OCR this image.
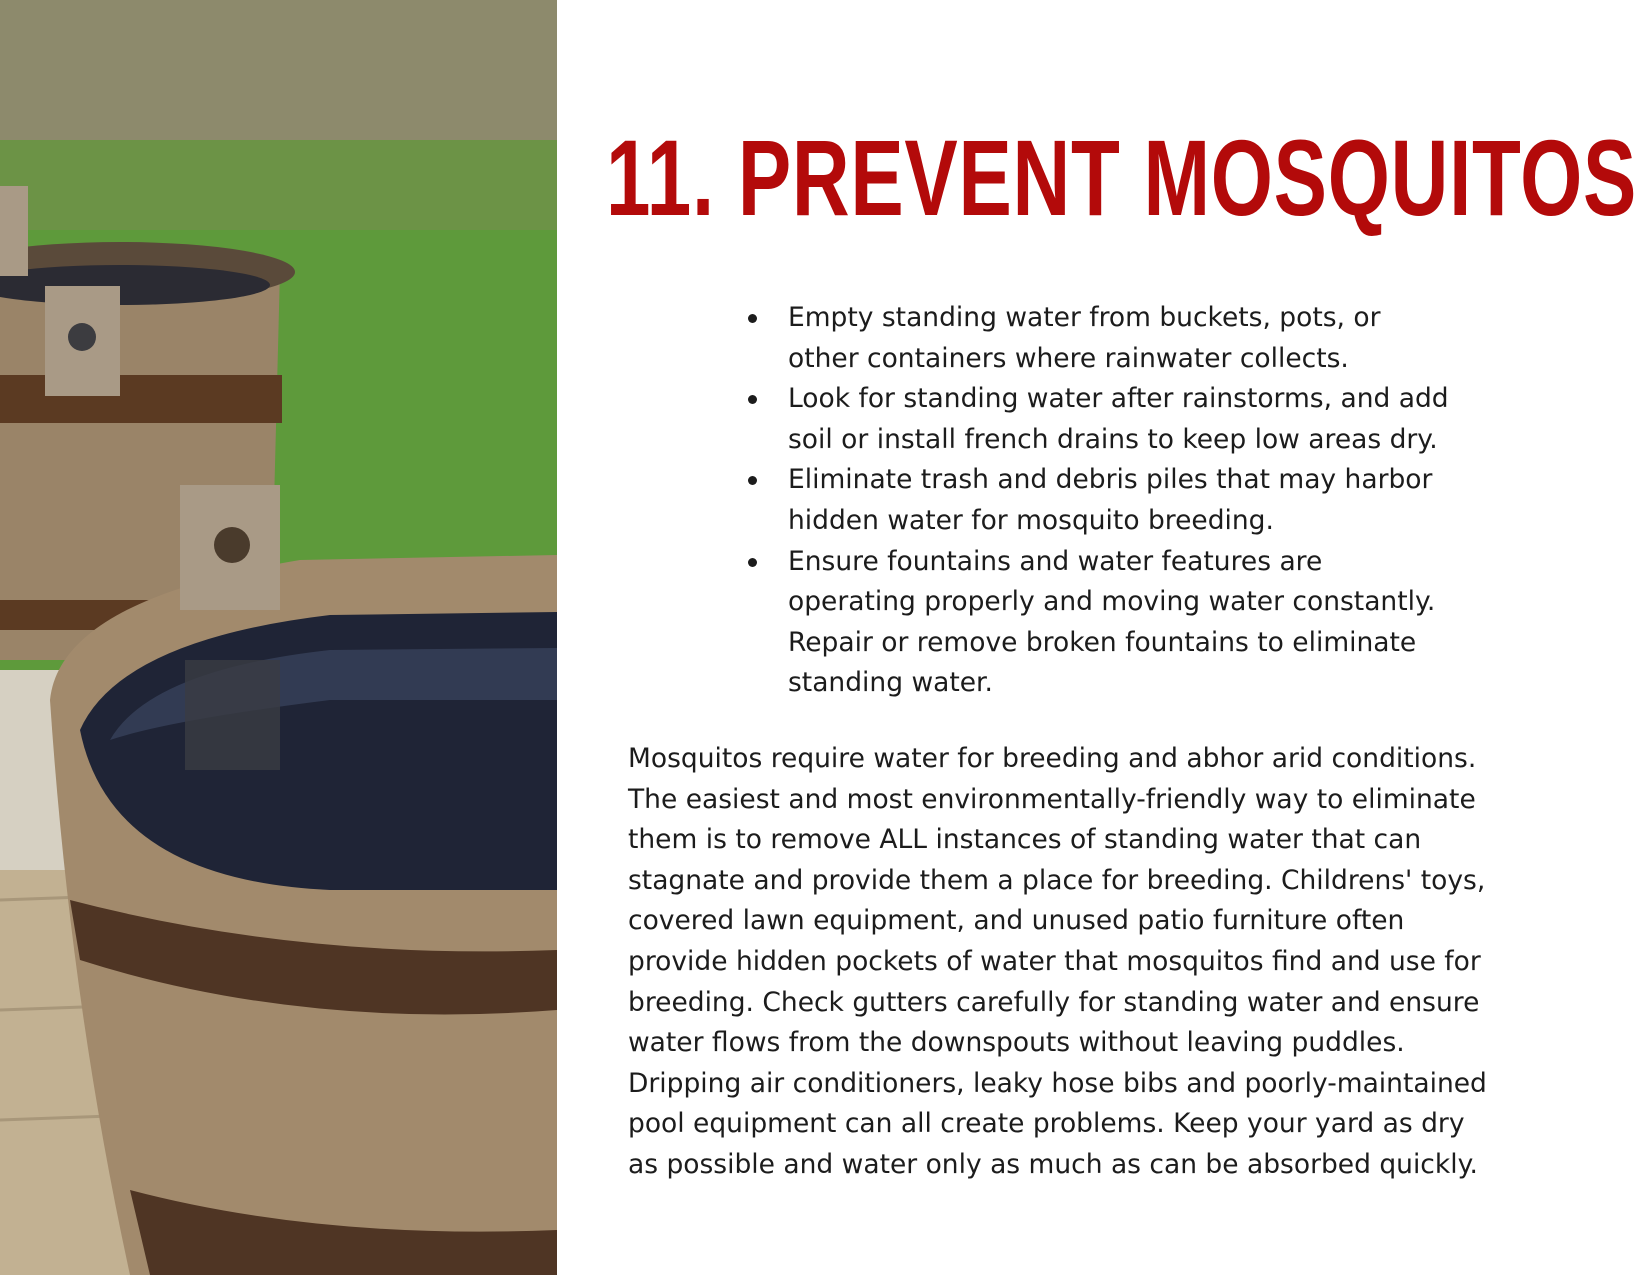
11. PREVENT MOSQUITOS
Empty standing water from buckets, pots, or
other containers where rainwater collects.
Look for standing water after rainstorms, and add
soil or install french drains to keep low areas dry.
Eliminate trash and debris piles that may harbor
hidden water for mosquito breeding.
Ensure fountains and water features are
operating properly and moving water constantly.
Repair or remove broken fountains to eliminate
standing water.

Mosquitos require water for breeding and abhor arid conditions.
The easiest and most environmentally-friendly way to eliminate
them is to remove ALL instances of standing water that can
stagnate and provide them a place for breeding. Childrens' toys,
covered lawn equipment, and unused patio furniture often
provide hidden pockets of water that mosquitos find and use for
breeding. Check gutters carefully for standing water and ensure
water flows from the downspouts without leaving puddles.
Dripping air conditioners, leaky hose bibs and poorly-maintained
pool equipment can all create problems. Keep your yard as dry
as possible and water only as much as can be absorbed quickly.
